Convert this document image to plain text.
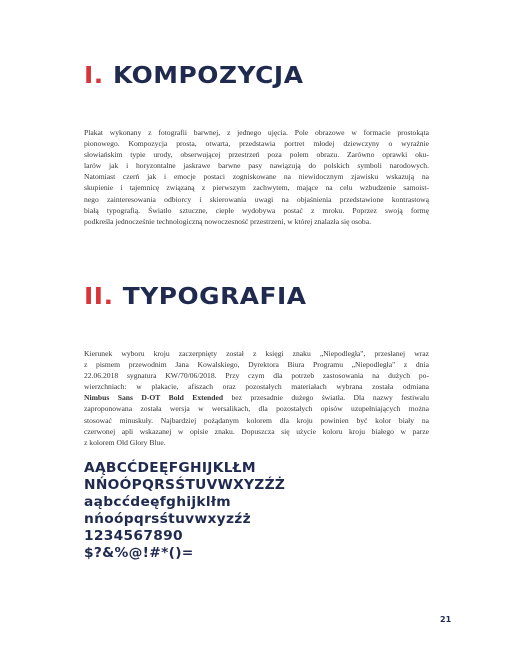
I. KOMPOZYCJA
Plakat wykonany z fotografii barwnej, z jednego ujęcia. Pole obrazowe w formacie prostokąta
pionowego. Kompozycja prosta, otwarta, przedstawia portret młodej dziewczyny o wyraźnie
słowiańskim typie urody, obserwującej przestrzeń poza polem obrazu. Zarówno oprawki oku-
larów jak i horyzontalne jaskrawe barwne pasy nawiązują do polskich symboli narodowych.
Natomiast czerń jak i emocje postaci zogniskowane na niewidocznym zjawisku wskazują na
skupienie i tajemnicę związaną z pierwszym zachwytem, mające na celu wzbudzenie samoist-
nego zainteresowania odbiorcy i skierowania uwagi na objaśnienia przedstawione kontrastową
białą typografią. Światło sztuczne, ciepłe wydobywa postać z mroku. Poprzez swoją formę
podkreśla jednocześnie technologiczną nowoczesność przestrzeni, w której znalazła się osoba.
II. TYPOGRAFIA
Kierunek wyboru kroju zaczerpnięty został z księgi znaku „Niepodległa", przesłanej wraz
z pismem przewodnim Jana Kowalskiego, Dyrektora Biura Programu „Niepodległa" z dnia
22.06.2018 sygnatura KW/70/06/2018. Przy czym dla potrzeb zastosowania na dużych po-
wierzchniach: w plakacie, afiszach oraz pozostałych materiałach wybrana została odmiana
Nimbus Sans D-OT Bold Extended bez przesadnie dużego światła. Dla nazwy festiwalu
zaproponowana została wersja w wersalikach, dla pozostałych opisów uzupełniających można
stosować minuskuły. Najbardziej pożądanym kolorem dla kroju powinien być kolor biały na
czerwonej apli wskazanej w opisie znaku. Dopuszcza się użycie koloru kroju białego w parze
z kolorem Old Glory Blue.
AĄBCĆDEĘFGHIJKLŁM
NŃOÓPQRSŚTUVWXYZŹŻ
aąbcćdeęfghijklłm
nńoópqrsśtuvwxyzźż
1234567890
$?&%@!#*()=
21
